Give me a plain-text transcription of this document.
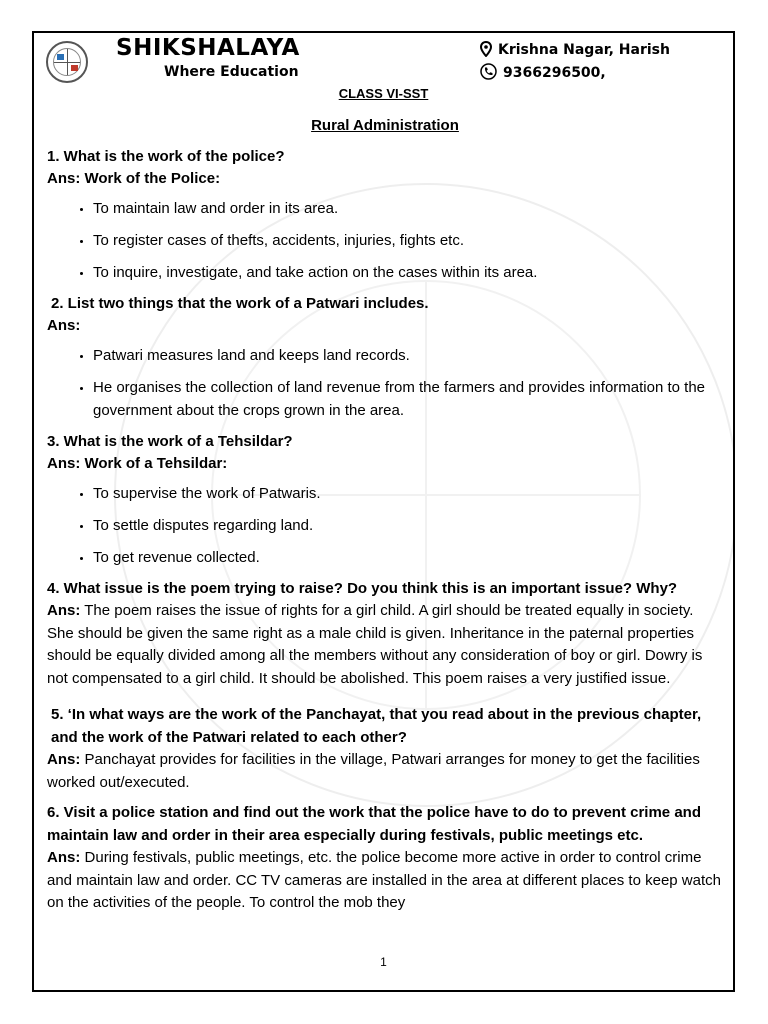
SHIKSHALAYA
Where Education
Krishna Nagar, Harish
9366296500,
CLASS VI-SST
Rural Administration

1. What is the work of the police?

Ans: Work of the Police:

• To maintain law and order in its area.
• To register cases of thefts, accidents, injuries, fights etc.
• To inquire, investigate, and take action on the cases within its area.

2. List two things that the work of a Patwari includes.

Ans:

• Patwari measures land and keeps land records.
• He organises the collection of land revenue from the farmers and provides information to the government about the crops grown in the area.

3. What is the work of a Tehsildar?

Ans: Work of a Tehsildar:

• To supervise the work of Patwaris.
• To settle disputes regarding land.
• To get revenue collected.

4. What issue is the poem trying to raise? Do you think this is an important issue? Why?

Ans: The poem raises the issue of rights for a girl child. A girl should be treated equally in society. She should be given the same right as a male child is given. Inheritance in the paternal properties should be equally divided among all the members without any consideration of boy or girl. Dowry is not compensated to a girl child. It should be abolished. This poem raises a very justified issue.

5. ‘In what ways are the work of the Panchayat, that you read about in the previous chapter, and the work of the Patwari related to each other?

Ans: Panchayat provides for facilities in the village, Patwari arranges for money to get the facilities worked out/executed.

6. Visit a police station and find out the work that the police have to do to prevent crime and maintain law and order in their area especially during festivals, public meetings etc.

Ans: During festivals, public meetings, etc. the police become more active in order to control crime and maintain law and order. CC TV cameras are installed in the area at different places to keep watch on the activities of the people. To control the mob they

1
